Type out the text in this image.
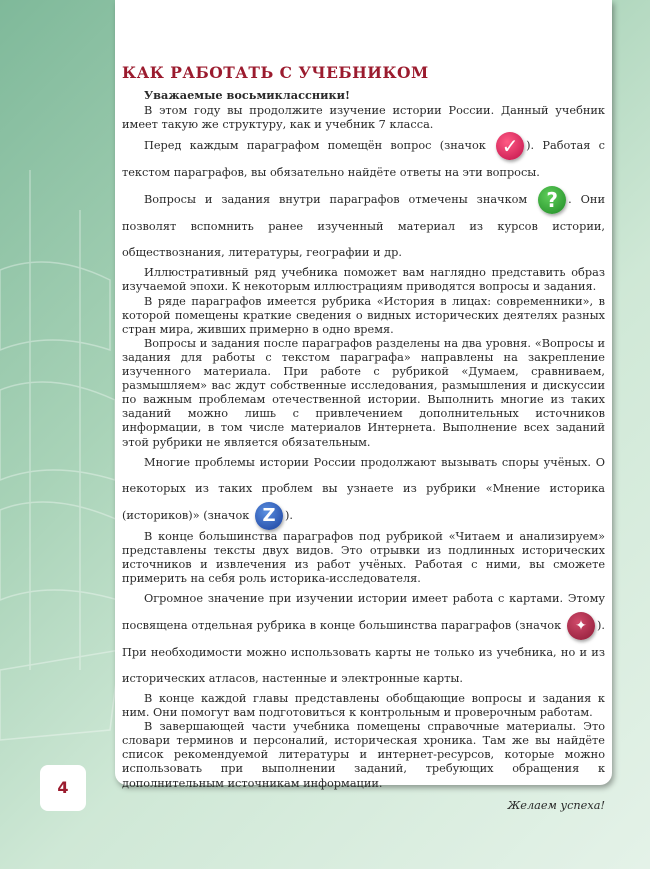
КАК РАБОТАТЬ С УЧЕБНИКОМ
Уважаемые восьмиклассники!

В этом году вы продолжите изучение истории России. Данный учебник имеет такую же структуру, как и учебник 7 класса.

Перед каждым параграфом помещён вопрос (значок ✓ ). Работая с текстом параграфов, вы обязательно найдёте ответы на эти вопросы.

Вопросы и задания внутри параграфов отмечены значком ? . Они позволят вспомнить ранее изученный материал из курсов истории, обществознания, литературы, географии и др.

Иллюстративный ряд учебника поможет вам наглядно представить образ изучаемой эпохи. К некоторым иллюстрациям приводятся вопросы и задания.

В ряде параграфов имеется рубрика «История в лицах: современники», в которой помещены краткие сведения о видных исторических деятелях разных стран мира, живших примерно в одно время.

Вопросы и задания после параграфов разделены на два уровня. «Вопросы и задания для работы с текстом параграфа» направлены на закрепление изученного материала. При работе с рубрикой «Думаем, сравниваем, размышляем» вас ждут собственные исследования, размышления и дискуссии по важным проблемам отечественной истории. Выполнить многие из таких заданий можно лишь с привлечением дополнительных источников информации, в том числе материалов Интернета. Выполнение всех заданий этой рубрики не является обязательным.

Многие проблемы истории России продолжают вызывать споры учёных. О некоторых из таких проблем вы узнаете из рубрики «Мнение историка (историков)» (значок Z ).

В конце большинства параграфов под рубрикой «Читаем и анализируем» представлены тексты двух видов. Это отрывки из подлинных исторических источников и извлечения из работ учёных. Работая с ними, вы сможете примерить на себя роль историка-исследователя.

Огромное значение при изучении истории имеет работа с картами. Этому посвящена отдельная рубрика в конце большинства параграфов (значок ✦ ). При необходимости можно использовать карты не только из учебника, но и из исторических атласов, настенные и электронные карты.

В конце каждой главы представлены обобщающие вопросы и задания к ним. Они помогут вам подготовиться к контрольным и проверочным работам.

В завершающей части учебника помещены справочные материалы. Это словари терминов и персоналий, историческая хроника. Там же вы найдёте список рекомендуемой литературы и интернет-ресурсов, которые можно использовать при выполнении заданий, требующих обращения к дополнительным источникам информации.

Желаем успеха!
4
